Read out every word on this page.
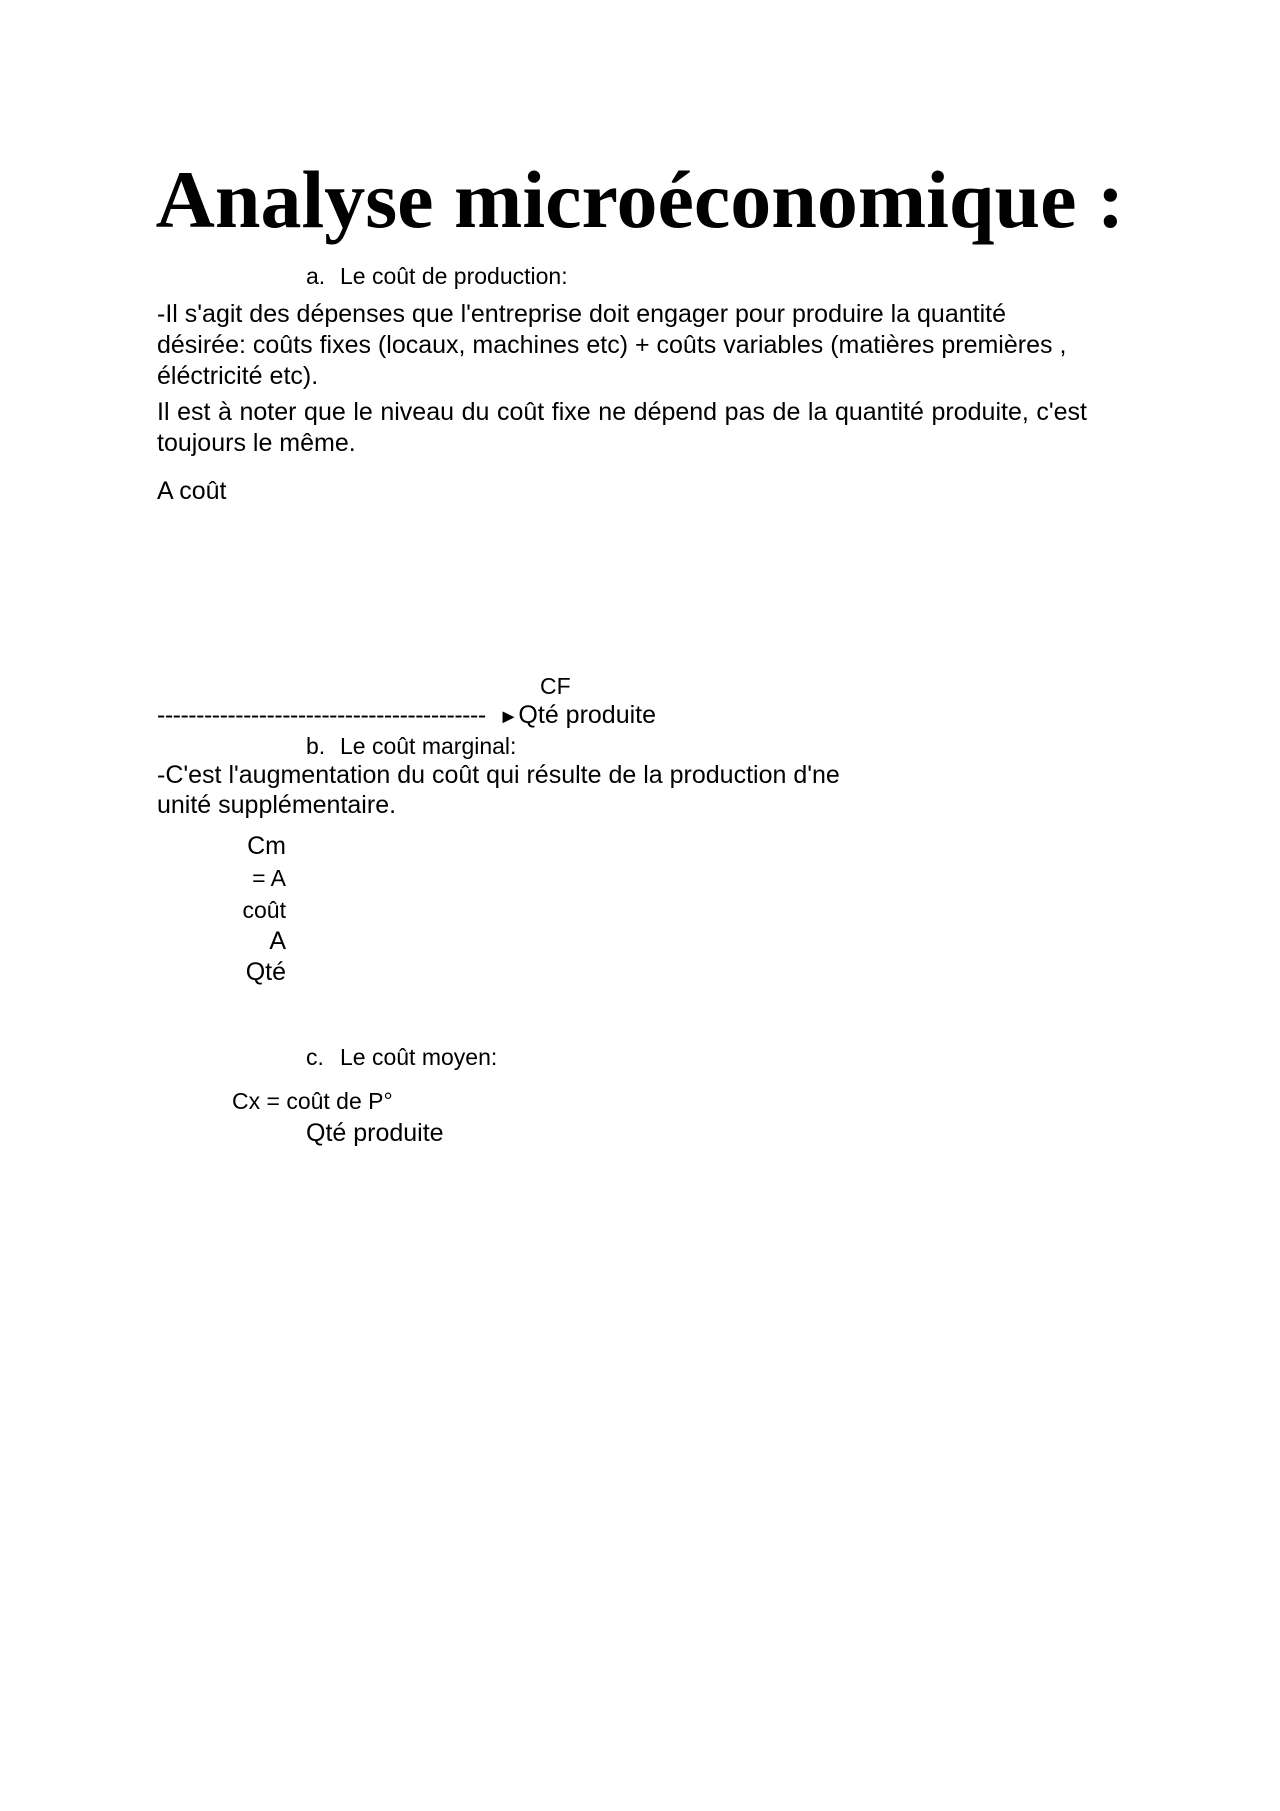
Analyse microéconomique :
a. Le coût de production:

-Il s'agit des dépenses que l'entreprise doit engager pour produire la quantité désirée: coûts fixes (locaux, machines etc) + coûts variables (matières premières , éléctricité etc).

Il est à noter que le niveau du coût fixe ne dépend pas de la quantité produite, c'est toujours le même.

A coût
CF
------------------------------------------ ►Qté produite
b. Le coût marginal:
-C'est l'augmentation du coût qui résulte de la production d'ne
unité supplémentaire.
Cm
= A
coût
A
Qté
c. Le coût moyen:
Cx = coût de P°
Qté produite
